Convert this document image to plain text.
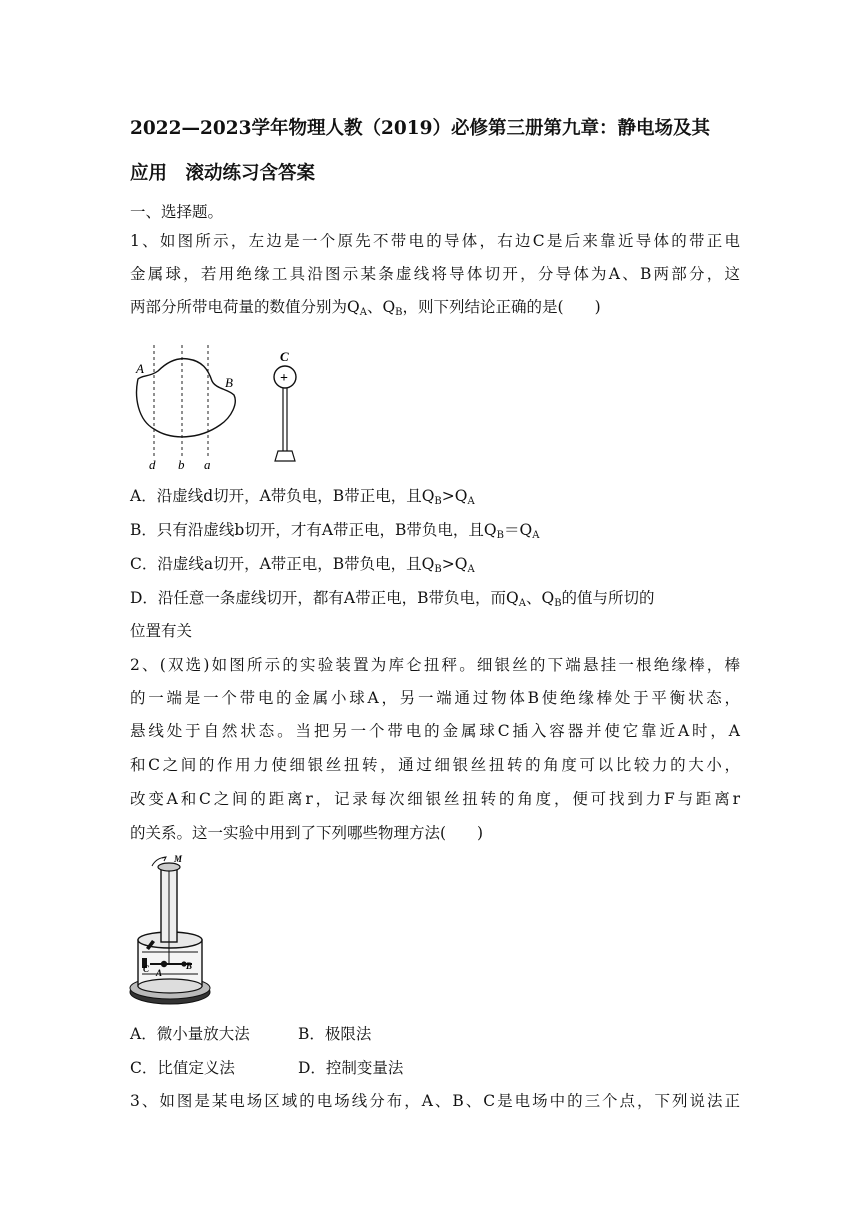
2022—2023学年物理人教（2019）必修第三册第九章：静电场及其
应用　滚动练习含答案
一、选择题。
1、如图所示，左边是一个原先不带电的导体，右边C是后来靠近导体的带正电
金属球，若用绝缘工具沿图示某条虚线将导体切开，分导体为A、B两部分，这
两部分所带电荷量的数值分别为$Q_A$、$Q_B$，则下列结论正确的是(　　)
+
C
A
B
d b a
A．沿虚线d切开，A带负电，B带正电，且$Q_B>Q_A$
B．只有沿虚线b切开，才有A带正电，B带负电，且$Q_B=Q_A$
C．沿虚线a切开，A带正电，B带负电，且$Q_B>Q_A$
D．沿任意一条虚线切开，都有A带正电，B带负电，而$Q_A$、$Q_B$的值与所切的
位置有关
2、(双选)如图所示的实验装置为库仑扭秤。细银丝的下端悬挂一根绝缘棒，棒
的一端是一个带电的金属小球A，另一端通过物体B使绝缘棒处于平衡状态，
悬线处于自然状态。当把另一个带电的金属球C插入容器并使它靠近A时，A
和C之间的作用力使细银丝扭转，通过细银丝扭转的角度可以比较力的大小，
改变A和C之间的距离r，记录每次细银丝扭转的角度，便可找到力F与距离r
的关系。这一实验中用到了下列哪些物理方法(　　)
M
C A
B
A．微小量放大法	B．极限法
C．比值定义法	D．控制变量法
3、如图是某电场区域的电场线分布，A、B、C是电场中的三个点，下列说法正
